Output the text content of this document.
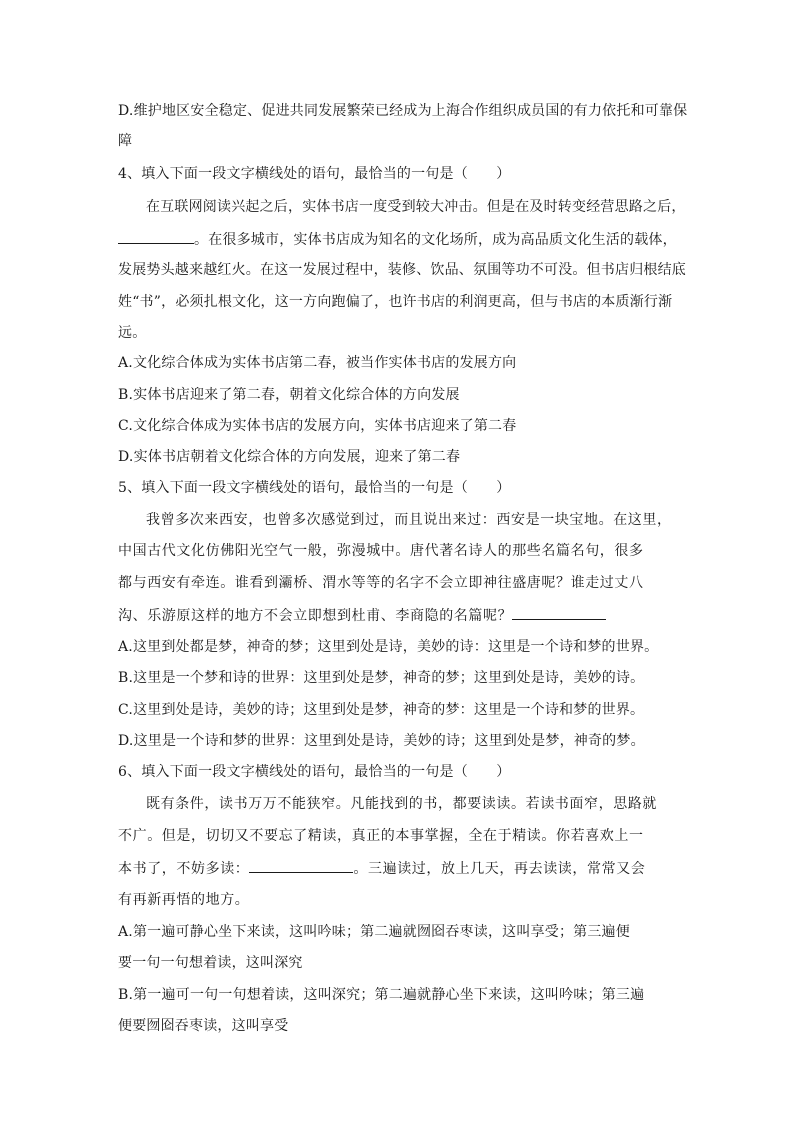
D.维护地区安全稳定、促进共同发展繁荣已经成为上海合作组织成员国的有力依托和可靠保
障
4、填入下面一段文字横线处的语句，最恰当的一句是（　　）
在互联网阅读兴起之后，实体书店一度受到较大冲击。但是在及时转变经营思路之后，
。在很多城市，实体书店成为知名的文化场所，成为高品质文化生活的载体，
发展势头越来越红火。在这一发展过程中，装修、饮品、氛围等功不可没。但书店归根结底
姓“书”，必须扎根文化，这一方向跑偏了，也许书店的利润更高，但与书店的本质渐行渐
远。
A.文化综合体成为实体书店第二春，被当作实体书店的发展方向
B.实体书店迎来了第二春，朝着文化综合体的方向发展
C.文化综合体成为实体书店的发展方向，实体书店迎来了第二春
D.实体书店朝着文化综合体的方向发展，迎来了第二春
5、填入下面一段文字横线处的语句，最恰当的一句是（　　）
我曾多次来西安，也曾多次感觉到过，而且说出来过：西安是一块宝地。在这里，
中国古代文化仿佛阳光空气一般，弥漫城中。唐代著名诗人的那些名篇名句，很多
都与西安有牵连。谁看到灞桥、渭水等等的名字不会立即神往盛唐呢？谁走过丈八
沟、乐游原这样的地方不会立即想到杜甫、李商隐的名篇呢？
A.这里到处都是梦，神奇的梦；这里到处是诗，美妙的诗：这里是一个诗和梦的世界。
B.这里是一个梦和诗的世界：这里到处是梦，神奇的梦；这里到处是诗，美妙的诗。
C.这里到处是诗，美妙的诗；这里到处是梦，神奇的梦：这里是一个诗和梦的世界。
D.这里是一个诗和梦的世界：这里到处是诗，美妙的诗；这里到处是梦，神奇的梦。
6、填入下面一段文字横线处的语句，最恰当的一句是（　　）
既有条件，读书万万不能狭窄。凡能找到的书，都要读读。若读书面窄，思路就
不广。但是，切切又不要忘了精读，真正的本事掌握，全在于精读。你若喜欢上一
本书了，不妨多读：	。三遍读过，放上几天，再去读读，常常又会
有再新再悟的地方。
A.第一遍可静心坐下来读，这叫吟味；第二遍就囫囵吞枣读，这叫享受；第三遍便
要一句一句想着读，这叫深究
B.第一遍可一句一句想着读，这叫深究；第二遍就静心坐下来读，这叫吟味；第三遍
便要囫囵吞枣读，这叫享受
